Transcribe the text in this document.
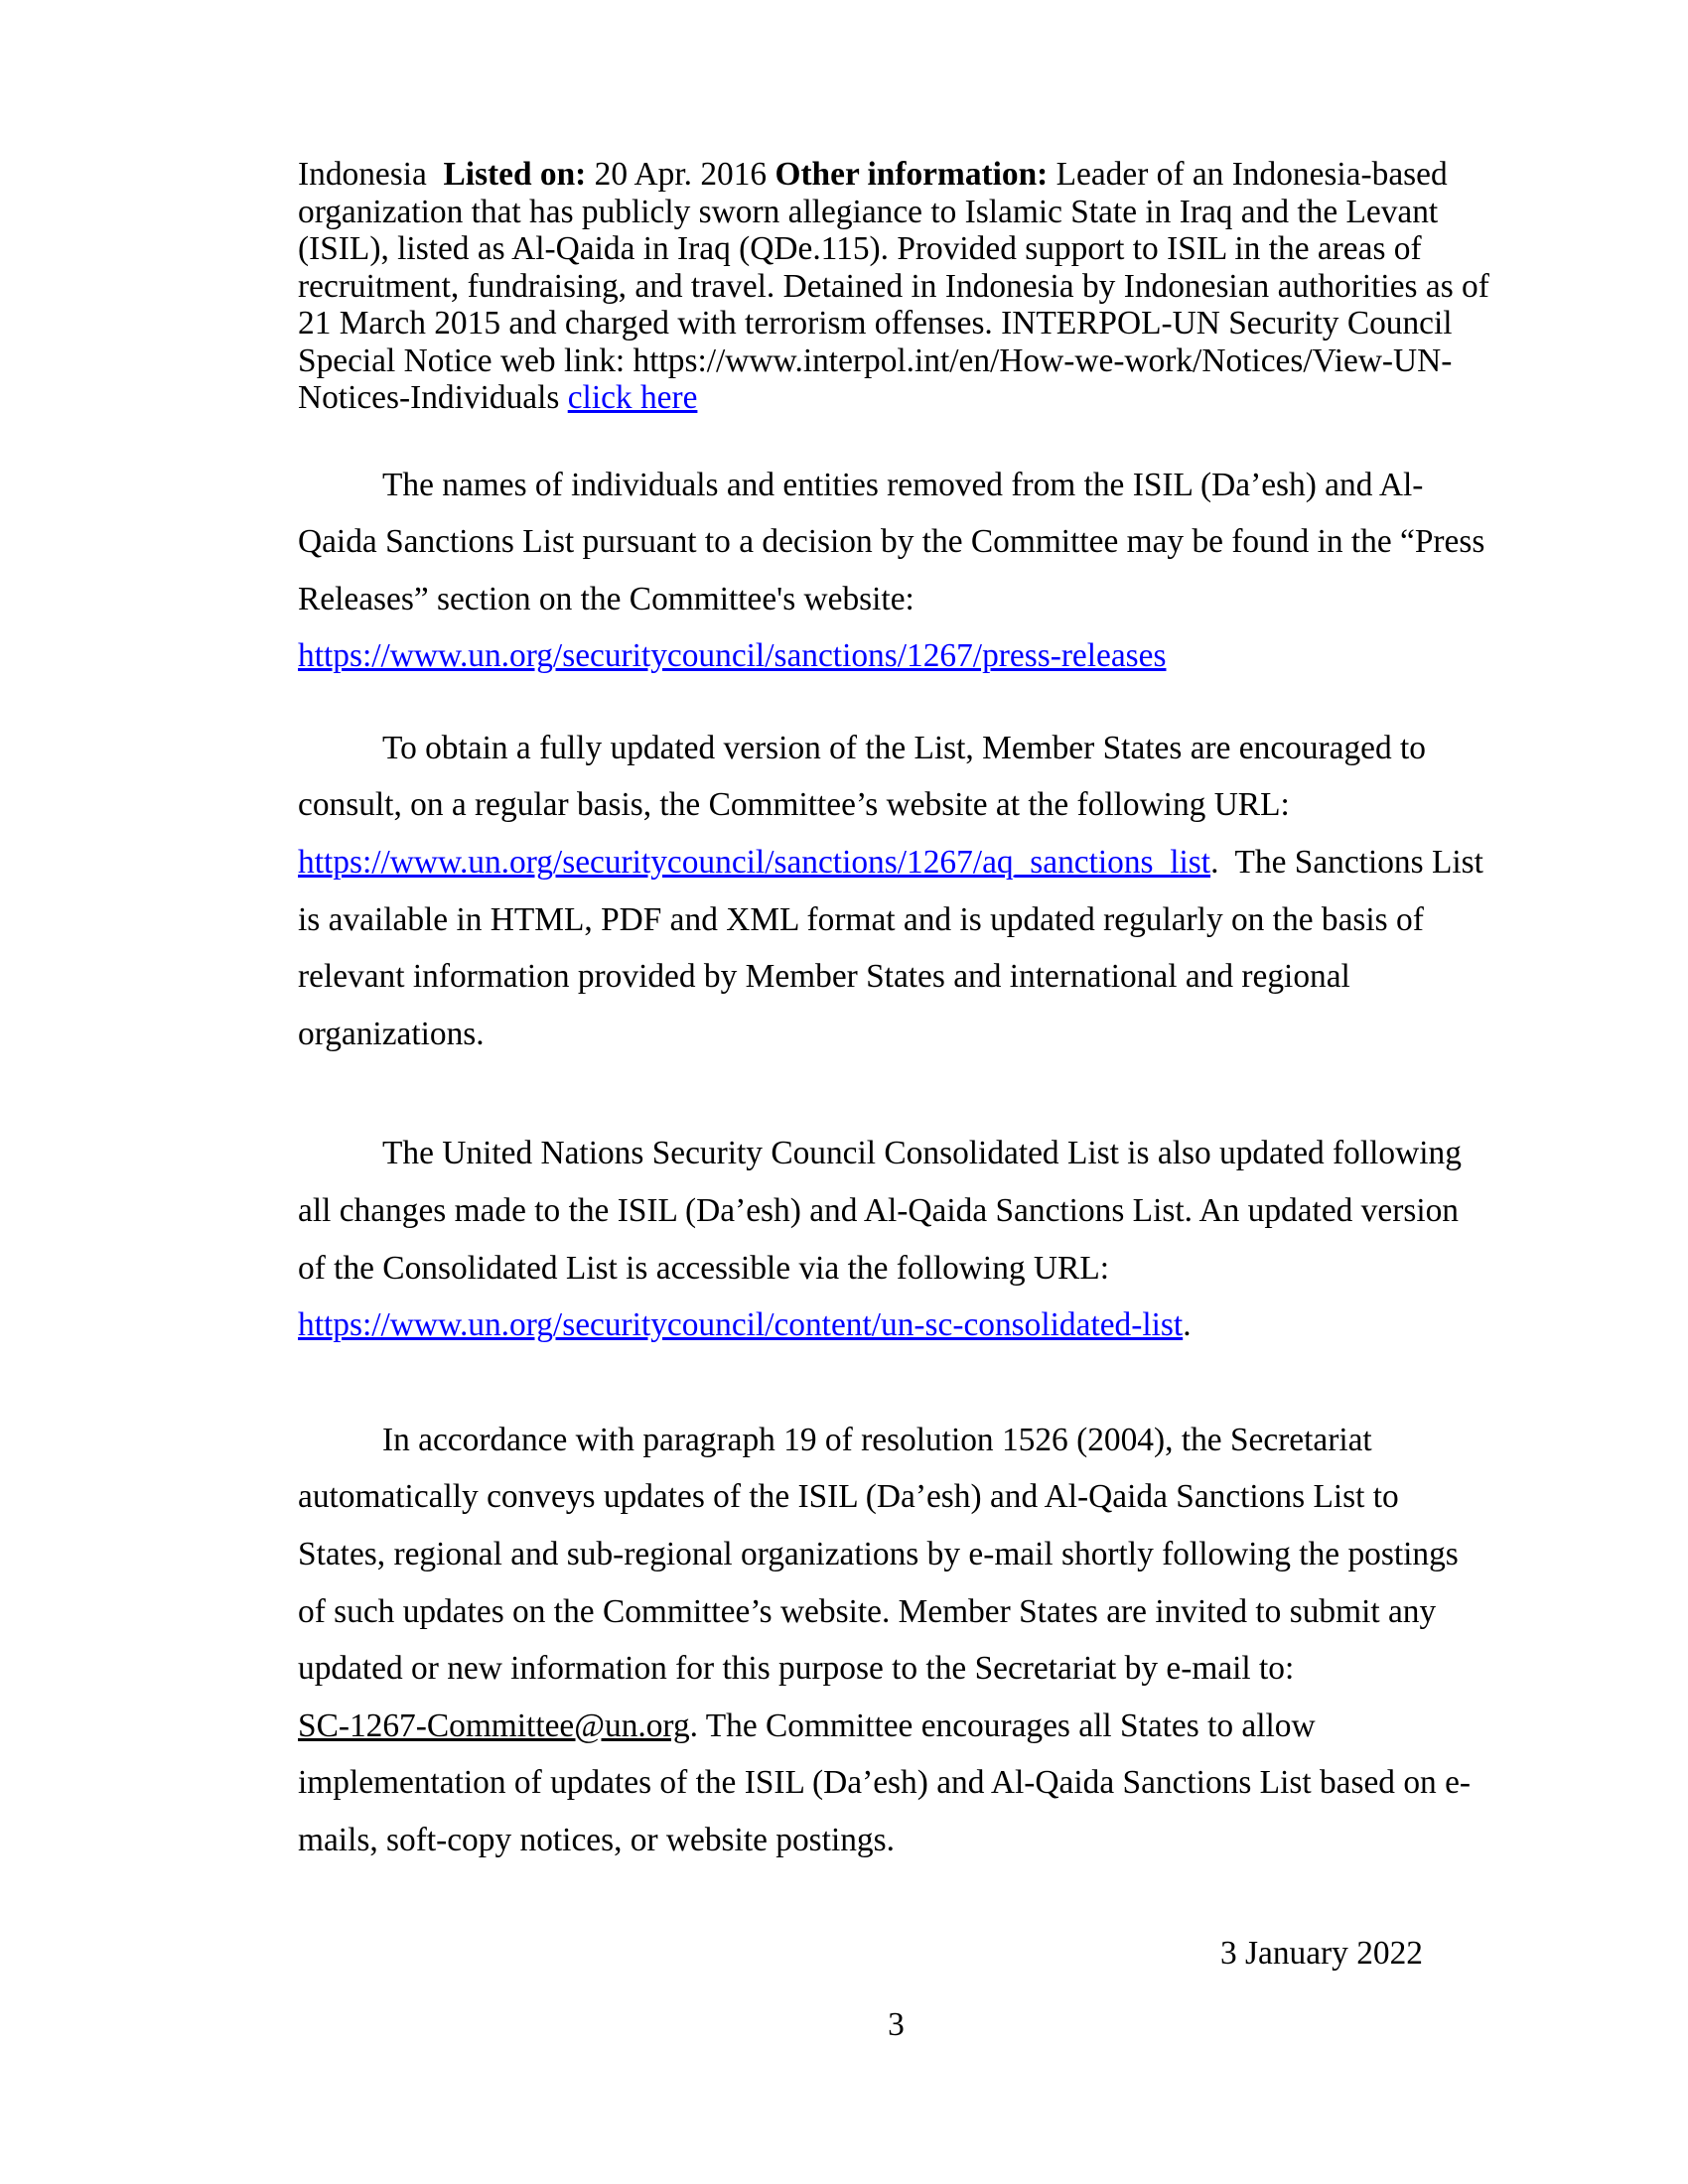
Indonesia  Listed on: 20 Apr. 2016 Other information: Leader of an Indonesia-based
organization that has publicly sworn allegiance to Islamic State in Iraq and the Levant
(ISIL), listed as Al-Qaida in Iraq (QDe.115). Provided support to ISIL in the areas of
recruitment, fundraising, and travel. Detained in Indonesia by Indonesian authorities as of
21 March 2015 and charged with terrorism offenses. INTERPOL-UN Security Council
Special Notice web link: https://www.interpol.int/en/How-we-work/Notices/View-UN-
Notices-Individuals click here
The names of individuals and entities removed from the ISIL (Da’esh) and Al-
Qaida Sanctions List pursuant to a decision by the Committee may be found in the “Press
Releases” section on the Committee's website:
https://www.un.org/securitycouncil/sanctions/1267/press-releases
To obtain a fully updated version of the List, Member States are encouraged to
consult, on a regular basis, the Committee’s website at the following URL:
https://www.un.org/securitycouncil/sanctions/1267/aq_sanctions_list.  The Sanctions List
is available in HTML, PDF and XML format and is updated regularly on the basis of
relevant information provided by Member States and international and regional
organizations.
The United Nations Security Council Consolidated List is also updated following
all changes made to the ISIL (Da’esh) and Al-Qaida Sanctions List. An updated version
of the Consolidated List is accessible via the following URL:
https://www.un.org/securitycouncil/content/un-sc-consolidated-list.
In accordance with paragraph 19 of resolution 1526 (2004), the Secretariat
automatically conveys updates of the ISIL (Da’esh) and Al-Qaida Sanctions List to
States, regional and sub-regional organizations by e-mail shortly following the postings
of such updates on the Committee’s website. Member States are invited to submit any
updated or new information for this purpose to the Secretariat by e-mail to:
SC-1267-Committee@un.org. The Committee encourages all States to allow
implementation of updates of the ISIL (Da’esh) and Al-Qaida Sanctions List based on e-
mails, soft-copy notices, or website postings.
3 January 2022
3
